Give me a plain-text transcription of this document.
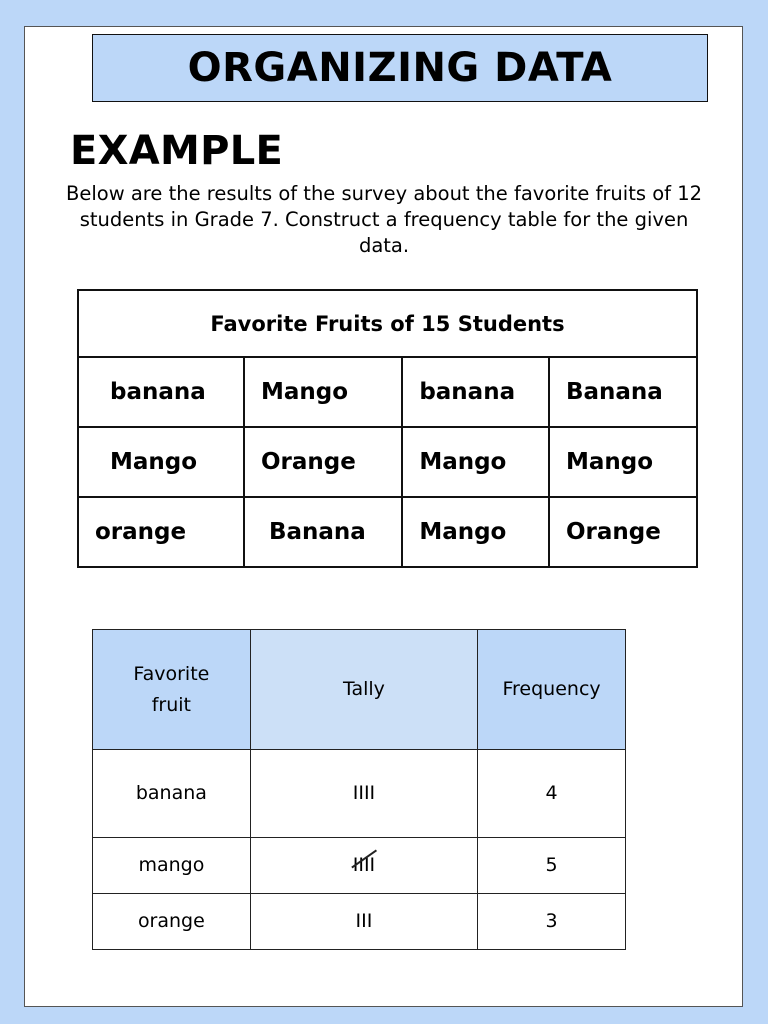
ORGANIZING DATA
EXAMPLE
Below are the results of the survey about the favorite fruits of 12 students in Grade 7. Construct a frequency table for the given data.
Favorite Fruits of 15 Students			
banana	Mango	banana	Banana
Mango	Orange	Mango	Mango
orange	Banana	Mango	Orange
Favorite fruit	Tally	Frequency
banana	IIII	4
mango	IIII	5
orange	III	3
